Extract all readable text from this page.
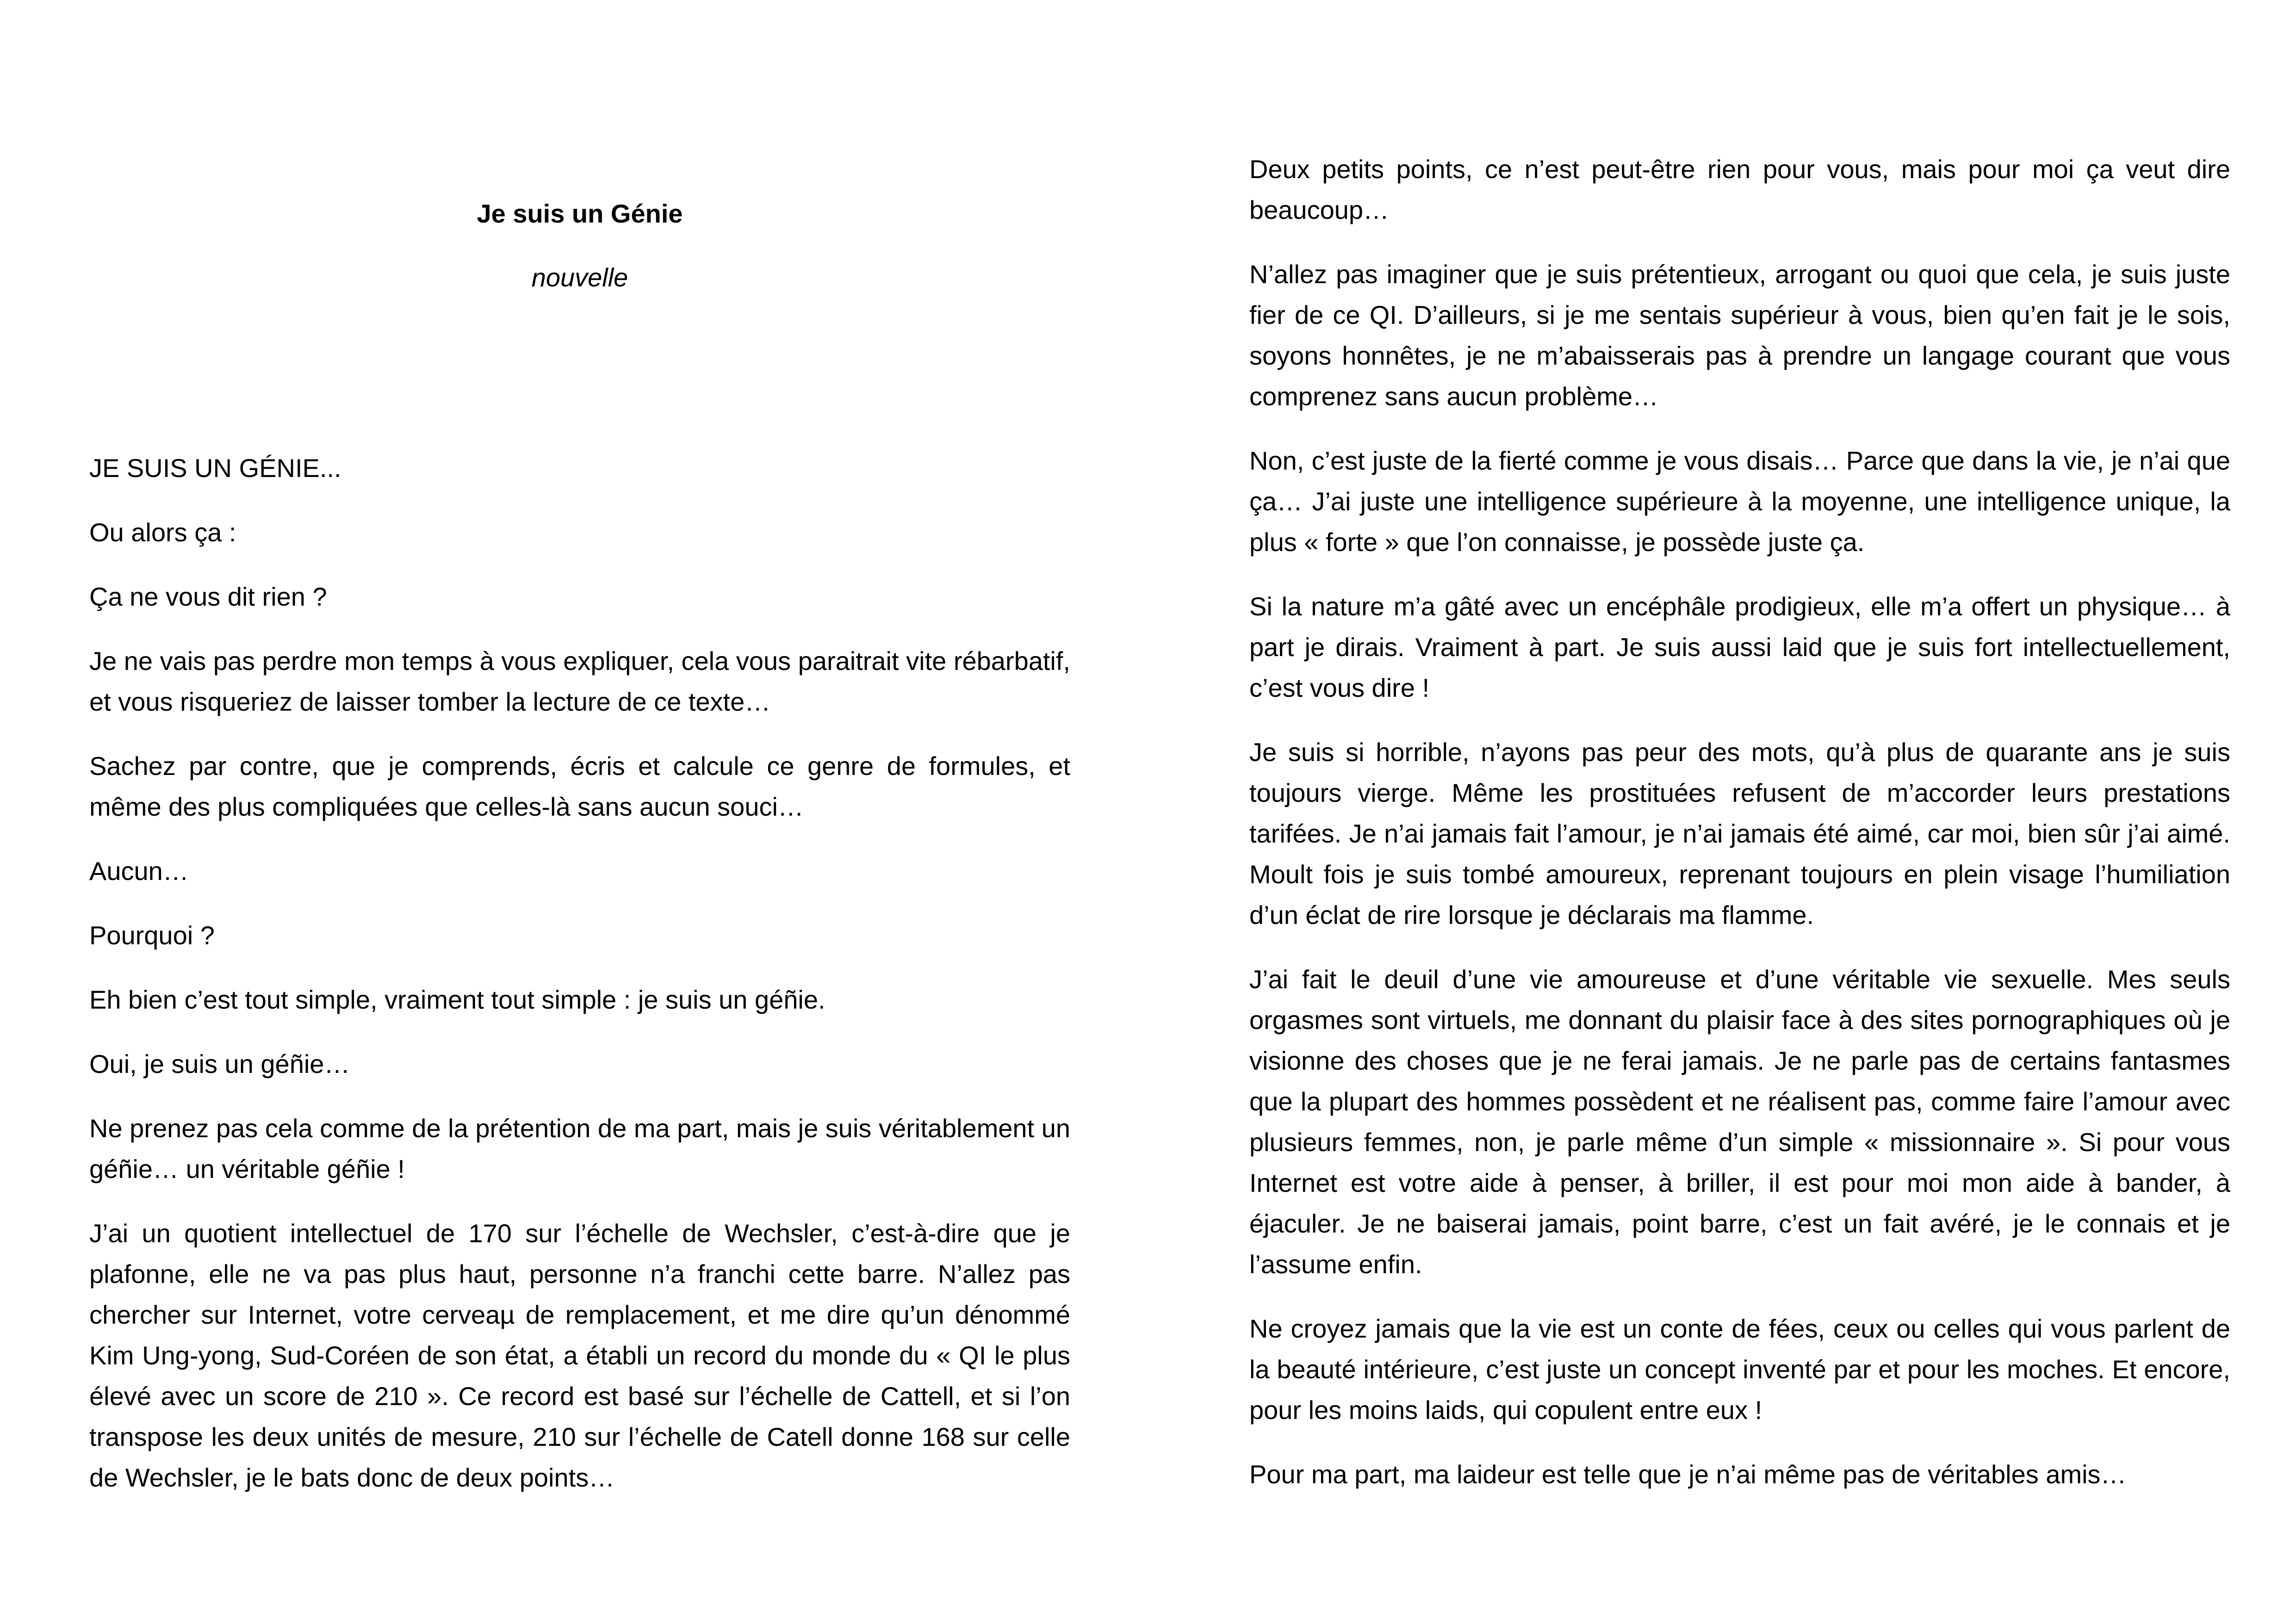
Je suis un Génie
nouvelle

JE SUIS UN GÉNIE...

Ou alors ça :

Ça ne vous dit rien ?

Je ne vais pas perdre mon temps à vous expliquer, cela vous paraitrait vite rébarbatif, et vous risqueriez de laisser tomber la lecture de ce texte…

Sachez par contre, que je comprends, écris et calcule ce genre de formules, et même des plus compliquées que celles-là sans aucun souci…

Aucun…

Pourquoi ?

Eh bien c’est tout simple, vraiment tout simple : je suis un géñie.

Oui, je suis un géñie…

Ne prenez pas cela comme de la prétention de ma part, mais je suis véritablement un géñie… un véritable géñie !

J’ai un quotient intellectuel de 170 sur l’échelle de Wechsler, c’est-à-dire que je plafonne, elle ne va pas plus haut, personne n’a franchi cette barre. N’allez pas chercher sur Internet, votre cerveaµ de remplacement, et me dire qu’un dénommé Kim Ung-yong, Sud-Coréen de son état, a établi un record du monde du « QI le plus élevé avec un score de 210 ». Ce record est basé sur l’échelle de Cattell, et si l’on transpose les deux unités de mesure, 210 sur l’échelle de Catell donne 168 sur celle de Wechsler, je le bats donc de deux points…

Deux petits points, ce n’est peut-être rien pour vous, mais pour moi ça veut dire beaucoup…

N’allez pas imaginer que je suis prétentieux, arrogant ou quoi que cela, je suis juste fier de ce QI. D’ailleurs, si je me sentais supérieur à vous, bien qu’en fait je le sois, soyons honnêtes, je ne m’abaisserais pas à prendre un langage courant que vous comprenez sans aucun problème…

Non, c’est juste de la fierté comme je vous disais… Parce que dans la vie, je n’ai que ça… J’ai juste une intelligence supérieure à la moyenne, une intelligence unique, la plus « forte » que l’on connaisse, je possède juste ça.

Si la nature m’a gâté avec un encéphâle prodigieux, elle m’a offert un physique… à part je dirais. Vraiment à part. Je suis aussi laid que je suis fort intellectuellement, c’est vous dire !

Je suis si horrible, n’ayons pas peur des mots, qu’à plus de quarante ans je suis toujours vierge. Même les prostituées refusent de m’accorder leurs prestations tarifées. Je n’ai jamais fait l’amour, je n’ai jamais été aimé, car moi, bien sûr j’ai aimé. Moult fois je suis tombé amoureux, reprenant toujours en plein visage l’humiliation d’un éclat de rire lorsque je déclarais ma flamme.

J’ai fait le deuil d’une vie amoureuse et d’une véritable vie sexuelle. Mes seuls orgasmes sont virtuels, me donnant du plaisir face à des sites pornographiques où je visionne des choses que je ne ferai jamais. Je ne parle pas de certains fantasmes que la plupart des hommes possèdent et ne réalisent pas, comme faire l’amour avec plusieurs femmes, non, je parle même d’un simple « missionnaire ». Si pour vous Internet est votre aide à penser, à briller, il est pour moi mon aide à bander, à éjaculer. Je ne baiserai jamais, point barre, c’est un fait avéré, je le connais et je l’assume enfin.

Ne croyez jamais que la vie est un conte de fées, ceux ou celles qui vous parlent de la beauté intérieure, c’est juste un concept inventé par et pour les moches. Et encore, pour les moins laids, qui copulent entre eux !

Pour ma part, ma laideur est telle que je n’ai même pas de véritables amis…
